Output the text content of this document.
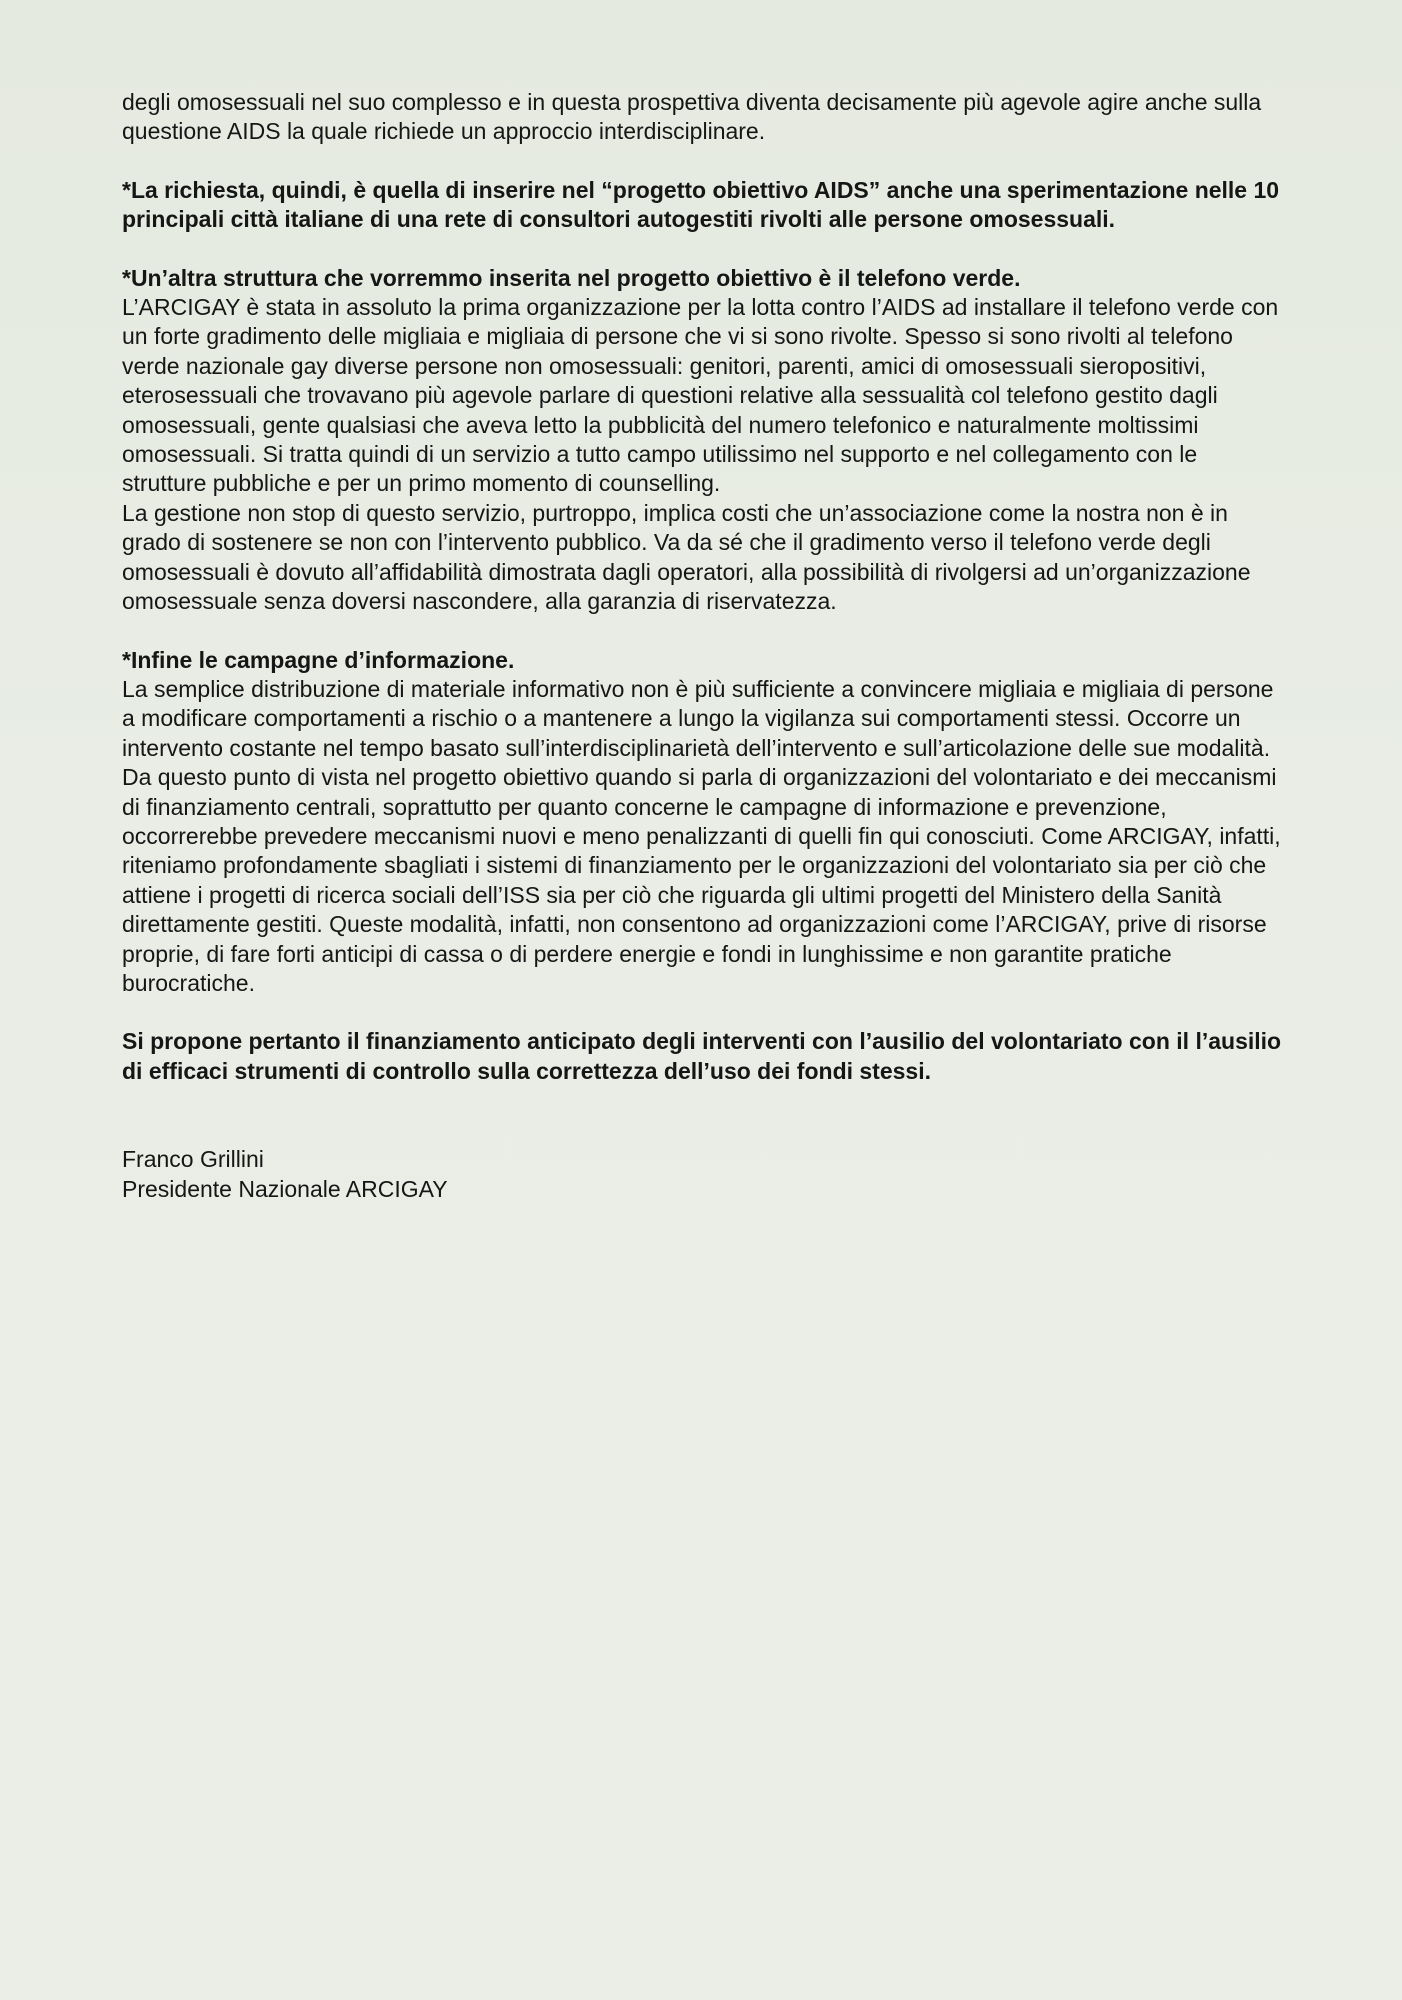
degli omosessuali nel suo complesso e in questa prospettiva diventa decisamente più agevole agire anche sulla questione AIDS la quale richiede un approccio interdisciplinare.

*La richiesta, quindi, è quella di inserire nel “progetto obiettivo AIDS” anche una sperimentazione nelle 10 principali città italiane di una rete di consultori autogestiti rivolti alle persone omosessuali.

*Un’altra struttura che vorremmo inserita nel progetto obiettivo è il telefono verde.

L’ARCIGAY è stata in assoluto la prima organizzazione per la lotta contro l’AIDS ad installare il telefono verde con un forte gradimento delle migliaia e migliaia di persone che vi si sono rivolte. Spesso si sono rivolti al telefono verde nazionale gay diverse persone non omosessuali: genitori, parenti, amici di omosessuali sieropositivi, eterosessuali che trovavano più agevole parlare di questioni relative alla sessualità col telefono gestito dagli omosessuali, gente qualsiasi che aveva letto la pubblicità del numero telefonico e naturalmente moltissimi omosessuali. Si tratta quindi di un servizio a tutto campo utilissimo nel supporto e nel collegamento con le strutture pubbliche e per un primo momento di counselling.

La gestione non stop di questo servizio, purtroppo, implica costi che un’associazione come la nostra non è in grado di sostenere se non con l’intervento pubblico. Va da sé che il gradimento verso il telefono verde degli omosessuali è dovuto all’affidabilità dimostrata dagli operatori, alla possibilità di rivolgersi ad un’organizzazione omosessuale senza doversi nascondere, alla garanzia di riservatezza.

*Infine le campagne d’informazione.

La semplice distribuzione di materiale informativo non è più sufficiente a convincere migliaia e migliaia di persone a modificare comportamenti a rischio o a mantenere a lungo la vigilanza sui comportamenti stessi. Occorre un intervento costante nel tempo basato sull’interdisciplinarietà dell’intervento e sull’articolazione delle sue modalità. Da questo punto di vista nel progetto obiettivo quando si parla di organizzazioni del volontariato e dei meccanismi di finanziamento centrali, soprattutto per quanto concerne le campagne di informazione e prevenzione, occorrerebbe prevedere meccanismi nuovi e meno penalizzanti di quelli fin qui conosciuti. Come ARCIGAY, infatti, riteniamo profondamente sbagliati i sistemi di finanziamento per le organizzazioni del volontariato sia per ciò che attiene i progetti di ricerca sociali dell’ISS sia per ciò che riguarda gli ultimi progetti del Ministero della Sanità direttamente gestiti. Queste modalità, infatti, non consentono ad organizzazioni come l’ARCIGAY, prive di risorse proprie, di fare forti anticipi di cassa o di perdere energie e fondi in lunghissime e non garantite pratiche burocratiche.

Si propone pertanto il finanziamento anticipato degli interventi con l’ausilio del volontariato con il l’ausilio di efficaci strumenti di controllo sulla correttezza dell’uso dei fondi stessi.

Franco Grillini

Presidente Nazionale ARCIGAY
